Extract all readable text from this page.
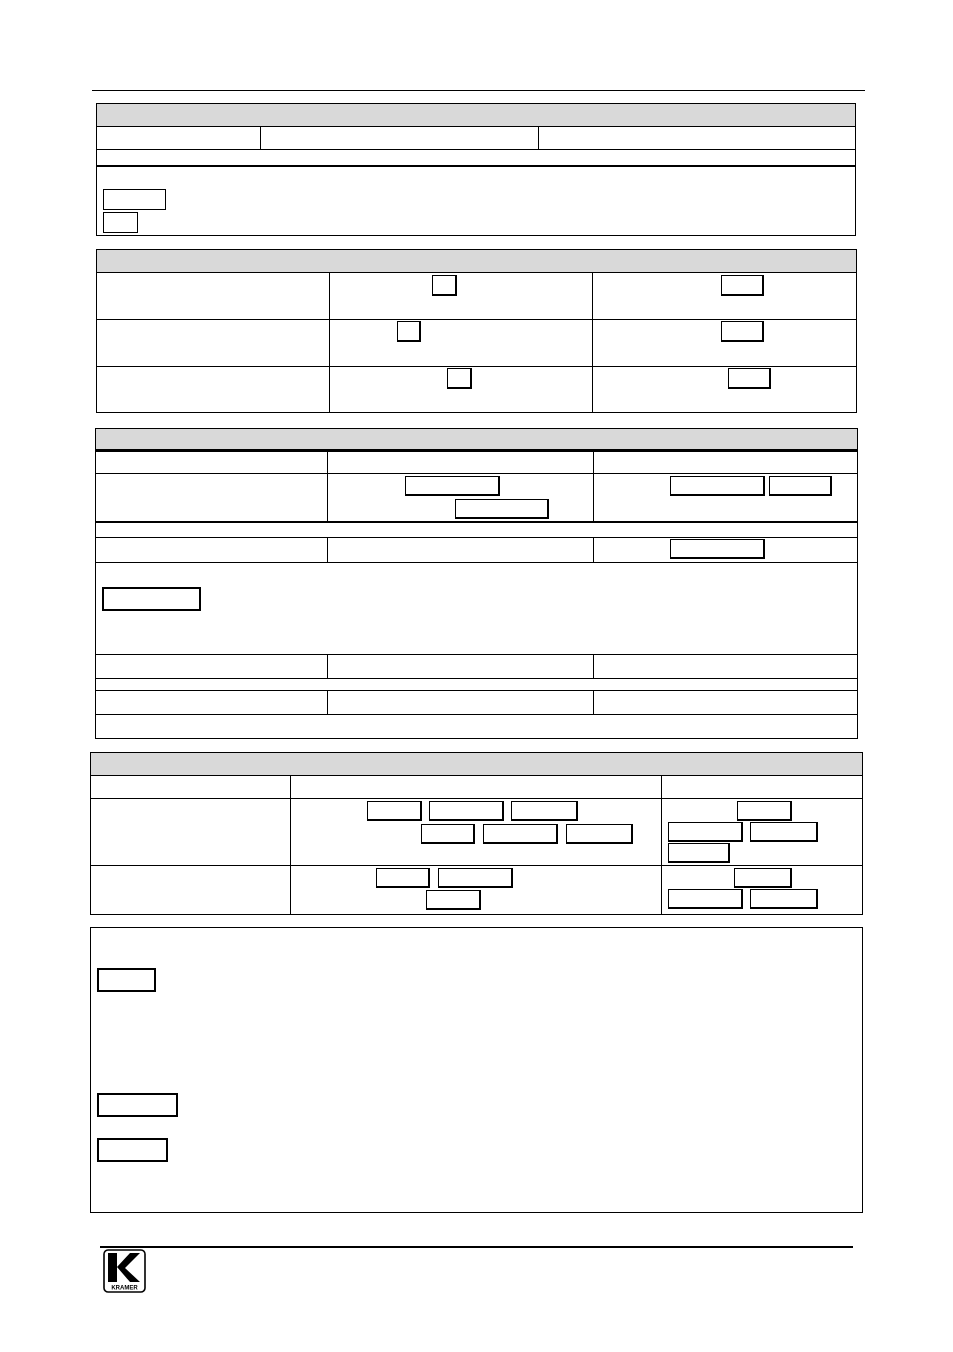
KRAMER
